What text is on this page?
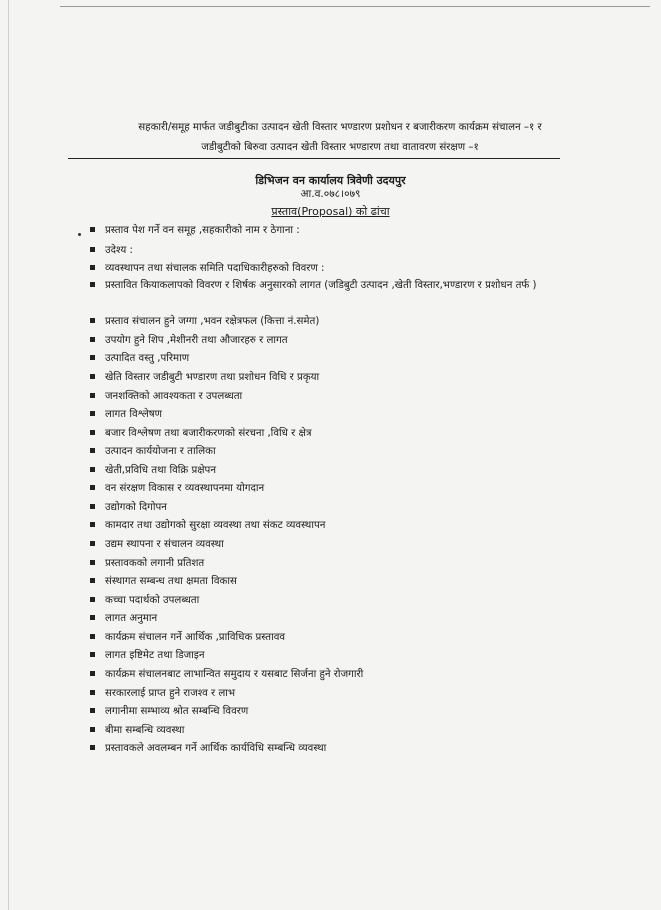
सहकारी/समूह मार्फत जडीबुटीका उत्पादन खेती विस्तार भण्डारण प्रशोधन र बजारीकरण कार्यक्रम संचालन –१ र
जडीबुटीको बिरुवा उत्पादन खेती विस्तार भण्डारण तथा वातावरण संरक्षण –१
डिभिजन वन कार्यालय त्रिवेणी उदयपुर
आ.व.०७८।०७९
प्रस्ताव(Proposal) को ढांचा
प्रस्ताव पेश गर्ने वन समूह ,सहकारीको नाम र ठेगाना :
उदेश्य :
व्यवस्थापन तथा संचालक समिति पदाधिकारीहरुको विवरण :
प्रस्तावित कियाकलापको विवरण र शिर्षक अनुसारको लागत (जडिबुटी उत्पादन ,खेती विस्तार,भण्डारण र प्रशोधन तर्फ )
प्रस्ताव संचालन हुने जग्गा ,भवन रक्षेत्रफल (कित्ता नं.समेत)
उपयोग हुने शिप ,मेशीनरी तथा औजारहरु र लागत
उत्पादित वस्तु ,परिमाण
खेति विस्तार जडीबुटी भण्डारण तथा प्रशोधन विधि र प्रकृया
जनशक्तिको आवश्यकता र उपलब्धता
लागत विश्लेषण
बजार विश्लेषण तथा बजारीकरणको संरचना ,विधि र क्षेत्र
उत्पादन कार्ययोजना र तालिका
खेती,प्रविधि तथा विक्रि प्रक्षेपन
वन संरक्षण विकास र व्यवस्थापनमा योगदान
उद्योगको दिगोपन
कामदार तथा उद्योगको सुरक्षा व्यवस्था तथा संकट व्यवस्थापन
उद्यम स्थापना र संचालन व्यवस्था
प्रस्तावकको लगानी प्रतिशत
संस्थागत सम्बन्ध तथा क्षमता विकास
कच्चा पदार्थको उपलब्धता
लागत अनुमान
कार्यक्रम संचालन गर्ने आर्थिक ,प्राविधिक प्रस्तावव
लागत इष्टिमेट तथा डिजाइन
कार्यक्रम संचालनबाट लाभान्वित समुदाय र यसबाट सिर्जना हुने रोजगारी
सरकारलाई प्राप्त हुने राजश्व र लाभ
लगानीमा सम्भाव्य श्रोत सम्बन्धि विवरण
बीमा सम्बन्धि व्यवस्था
प्रस्तावकले अवलम्बन गर्ने आर्थिक कार्यविधि सम्बन्धि व्यवस्था
